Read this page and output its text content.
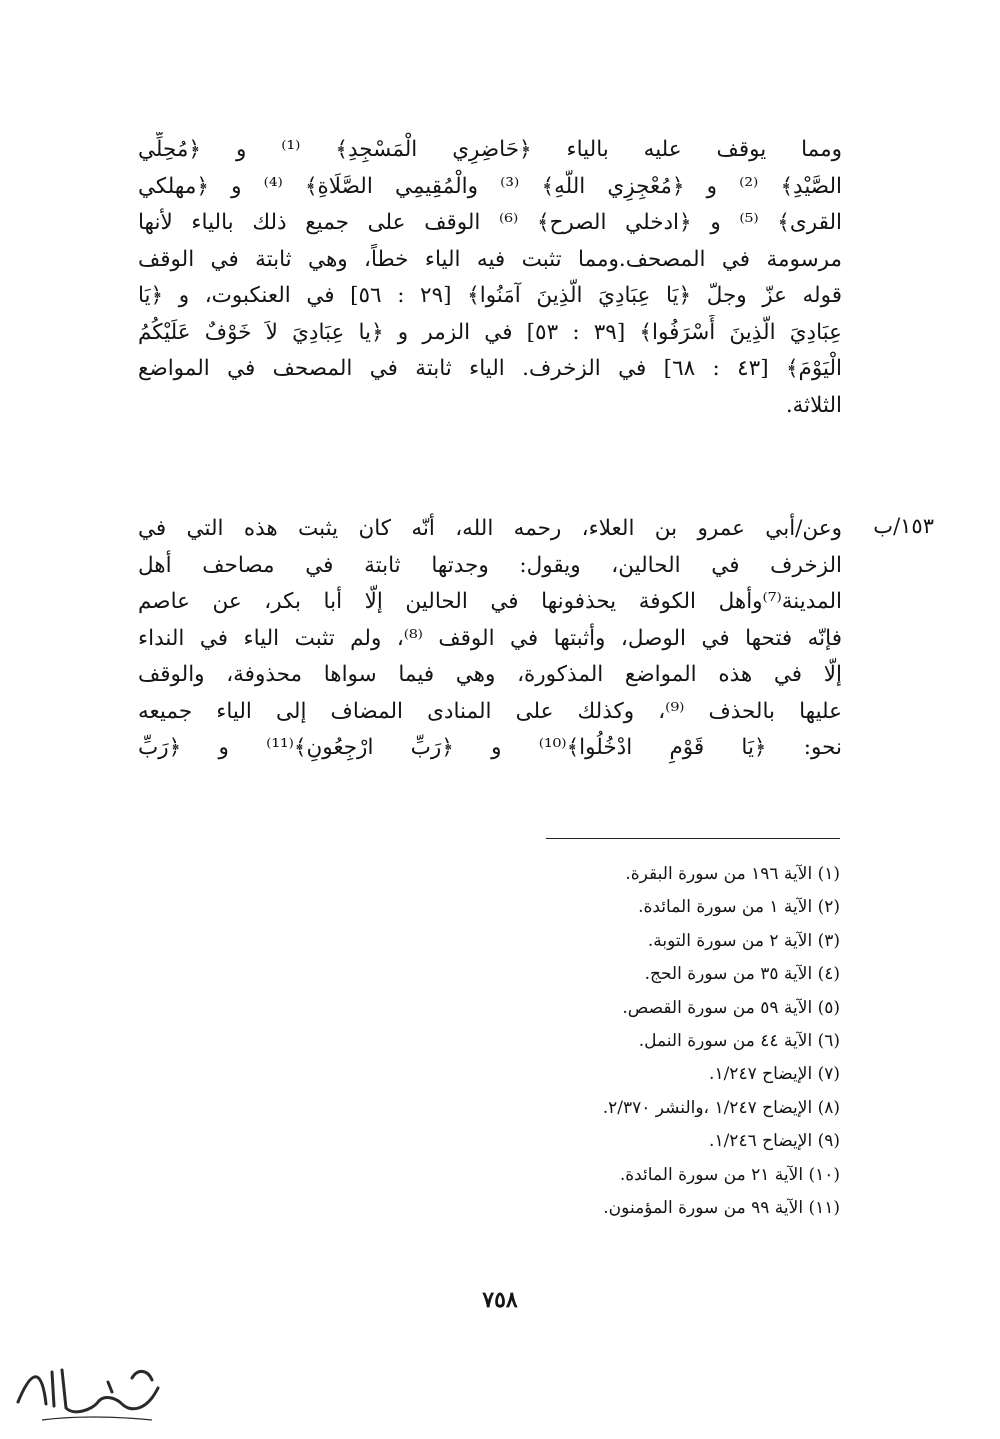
ومما يوقف عليه بالياء ﴿حَاضِرِي الْمَسْجِدِ﴾ ⁽¹⁾ و ﴿مُحِلِّي
الصَّيْدِ﴾ ⁽²⁾ و ﴿مُعْجِزِي اللَّهِ﴾ ⁽³⁾ والْمُقِيمِي الصَّلَاةِ﴾ ⁽⁴⁾ و ﴿مهلكي
القرى﴾ ⁽⁵⁾ و ﴿ادخلي الصرح﴾ ⁽⁶⁾ الوقف على جميع ذلك بالياء لأنها
مرسومة في المصحف.ومما تثبت فيه الياء خطاً، وهي ثابتة في الوقف
قوله عزّ وجلّ ﴿يَا عِبَادِيَ الَّذِينَ آمَنُوا﴾ [٢٩ : ٥٦] في العنكبوت، و ﴿يَا
عِبَادِيَ الَّذِينَ أَسْرَفُوا﴾ [٣٩ : ٥٣] في الزمر و ﴿يا عِبَادِيَ لاَ خَوْفٌ عَلَيْكُمُ
الْيَوْمَ﴾ [٤٣ : ٦٨] في الزخرف. الياء ثابتة في المصحف في المواضع
الثلاثة.
١٥٣/ب
وعن/أبي عمرو بن العلاء، رحمه الله، أنّه كان يثبت هذه التي في
الزخرف في الحالين، ويقول: وجدتها ثابتة في مصاحف أهل
المدينة⁽⁷⁾وأهل الكوفة يحذفونها في الحالين إلّا أبا بكر، عن عاصم
فإنّه فتحها في الوصل، وأثبتها في الوقف ⁽⁸⁾، ولم تثبت الياء في النداء
إلّا في هذه المواضع المذكورة، وهي فيما سواها محذوفة، والوقف
عليها بالحذف ⁽⁹⁾، وكذلك على المنادى المضاف إلى الياء جميعه
نحو: ﴿يَا قَوْمِ ادْخُلُوا﴾⁽¹⁰⁾ و ﴿رَبِّ ارْجِعُونِ﴾⁽¹¹⁾ و ﴿رَبِّ
(١) الآية ١٩٦ من سورة البقرة.
(٢) الآية ١ من سورة المائدة.
(٣) الآية ٢ من سورة التوبة.
(٤) الآية ٣٥ من سورة الحج.
(٥) الآية ٥٩ من سورة القصص.
(٦) الآية ٤٤ من سورة النمل.
(٧) الإيضاح ١/٢٤٧.
(٨) الإيضاح ١/٢٤٧ ،والنشر ٢/٣٧٠.
(٩) الإيضاح ١/٢٤٦.
(١٠) الآية ٢١ من سورة المائدة.
(١١) الآية ٩٩ من سورة المؤمنون.
٧٥٨
